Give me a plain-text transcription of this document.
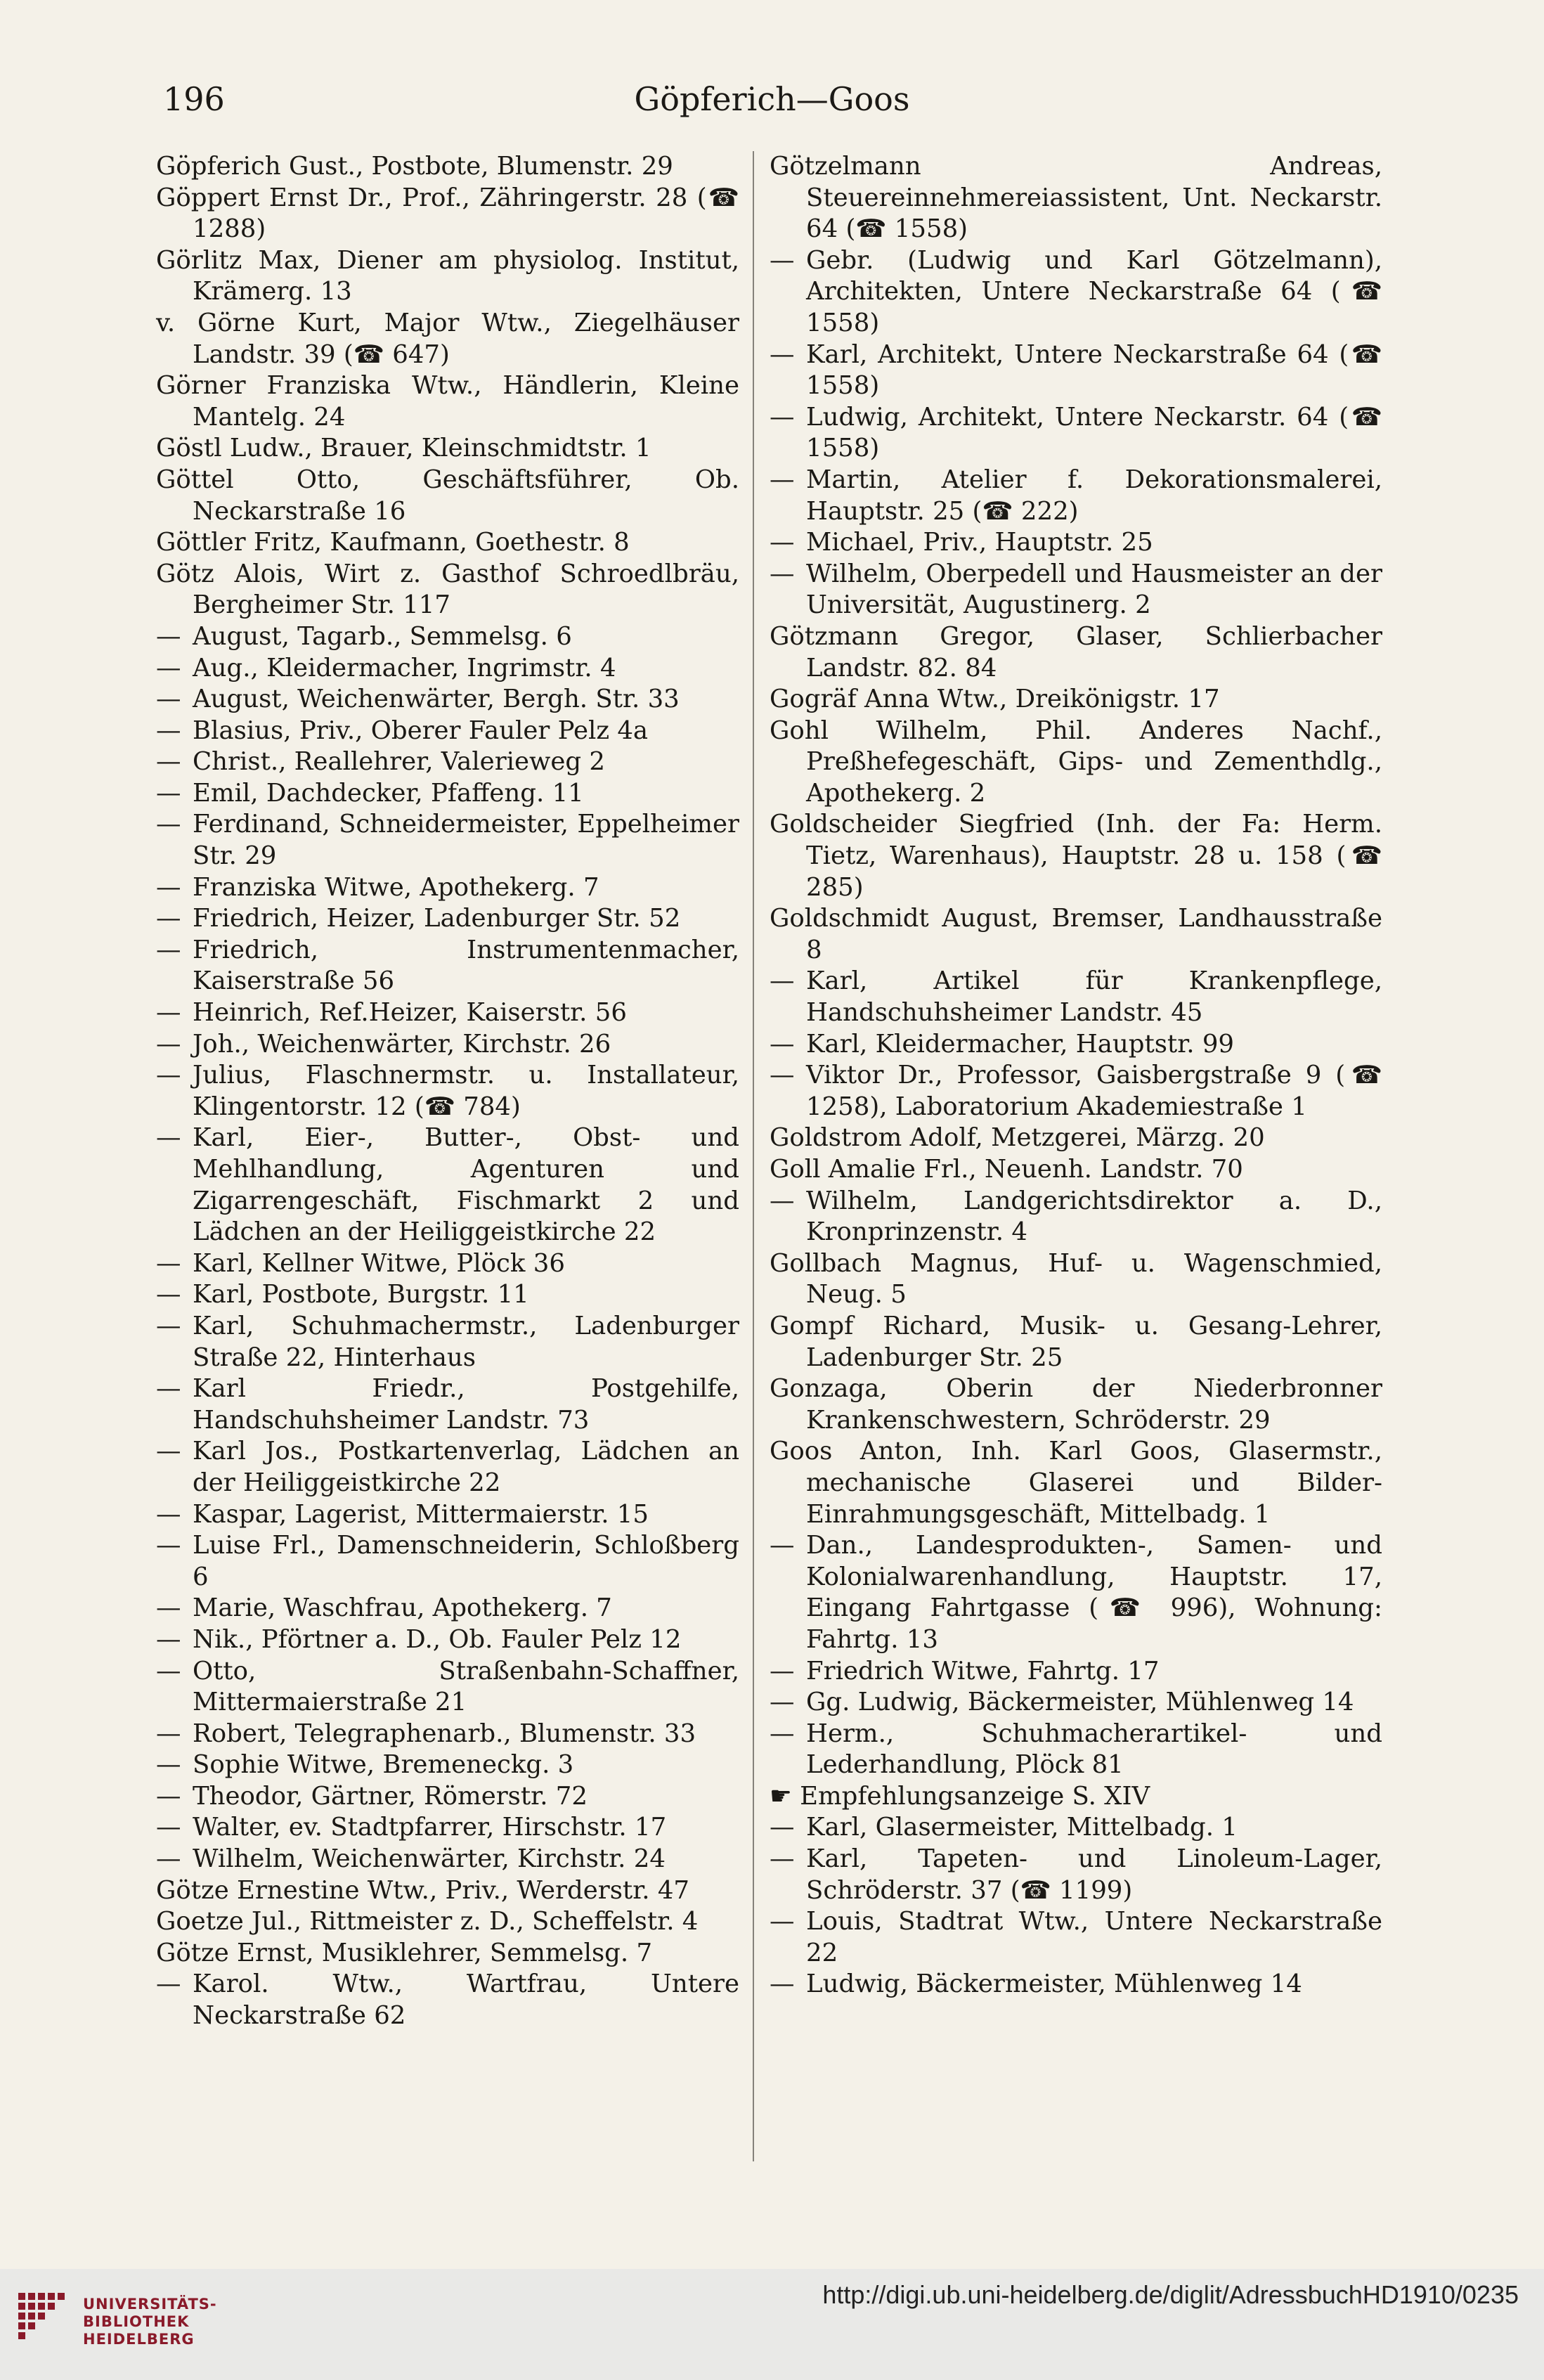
196	Göpferich—Goos
Göpferich Gust., Postbote, Blumenstr. 29
Göppert Ernst Dr., Prof., Zähringerstr. 28 (☎ 1288)
Görlitz Max, Diener am physiolog. Institut, Krämerg. 13
v. Görne Kurt, Major Wtw., Ziegelhäuser Landstr. 39 (☎ 647)
Görner Franziska Wtw., Händlerin, Kleine Mantelg. 24
Göstl Ludw., Brauer, Kleinschmidtstr. 1
Göttel Otto, Geschäftsführer, Ob. Neckarstraße 16
Göttler Fritz, Kaufmann, Goethestr. 8
Götz Alois, Wirt z. Gasthof Schroedlbräu, Bergheimer Str. 117
— August, Tagarb., Semmelsg. 6
— Aug., Kleidermacher, Ingrimstr. 4
— August, Weichenwärter, Bergh. Str. 33
— Blasius, Priv., Oberer Fauler Pelz 4a
— Christ., Reallehrer, Valerieweg 2
— Emil, Dachdecker, Pfaffeng. 11
— Ferdinand, Schneidermeister, Eppelheimer Str. 29
— Franziska Witwe, Apothekerg. 7
— Friedrich, Heizer, Ladenburger Str. 52
— Friedrich, Instrumentenmacher, Kaiserstraße 56
— Heinrich, Ref.Heizer, Kaiserstr. 56
— Joh., Weichenwärter, Kirchstr. 26
— Julius, Flaschnermstr. u. Installateur, Klingentorstr. 12 (☎ 784)
— Karl, Eier-, Butter-, Obst- und Mehlhandlung, Agenturen und Zigarrengeschäft, Fischmarkt 2 und Lädchen an der Heiliggeistkirche 22
— Karl, Kellner Witwe, Plöck 36
— Karl, Postbote, Burgstr. 11
— Karl, Schuhmachermstr., Ladenburger Straße 22, Hinterhaus
— Karl Friedr., Postgehilfe, Handschuhsheimer Landstr. 73
— Karl Jos., Postkartenverlag, Lädchen an der Heiliggeistkirche 22
— Kaspar, Lagerist, Mittermaierstr. 15
— Luise Frl., Damenschneiderin, Schloßberg 6
— Marie, Waschfrau, Apothekerg. 7
— Nik., Pförtner a. D., Ob. Fauler Pelz 12
— Otto, Straßenbahn-Schaffner, Mittermaierstraße 21
— Robert, Telegraphenarb., Blumenstr. 33
— Sophie Witwe, Bremeneckg. 3
— Theodor, Gärtner, Römerstr. 72
— Walter, ev. Stadtpfarrer, Hirschstr. 17
— Wilhelm, Weichenwärter, Kirchstr. 24
Götze Ernestine Wtw., Priv., Werderstr. 47
Goetze Jul., Rittmeister z. D., Scheffelstr. 4
Götze Ernst, Musiklehrer, Semmelsg. 7
— Karol. Wtw., Wartfrau, Untere Neckarstraße 62
Götzelmann Andreas, Steuereinnehmereiassistent, Unt. Neckarstr. 64 (☎ 1558)
— Gebr. (Ludwig und Karl Götzelmann), Architekten, Untere Neckarstraße 64 (☎ 1558)
— Karl, Architekt, Untere Neckarstraße 64 (☎ 1558)
— Ludwig, Architekt, Untere Neckarstr. 64 (☎ 1558)
— Martin, Atelier f. Dekorationsmalerei, Hauptstr. 25 (☎ 222)
— Michael, Priv., Hauptstr. 25
— Wilhelm, Oberpedell und Hausmeister an der Universität, Augustinerg. 2
Götzmann Gregor, Glaser, Schlierbacher Landstr. 82. 84
Gogräf Anna Wtw., Dreikönigstr. 17
Gohl Wilhelm, Phil. Anderes Nachf., Preßhefegeschäft, Gips- und Zementhdlg., Apothekerg. 2
Goldscheider Siegfried (Inh. der Fa: Herm. Tietz, Warenhaus), Hauptstr. 28 u. 158 (☎ 285)
Goldschmidt August, Bremser, Landhausstraße 8
— Karl, Artikel für Krankenpflege, Handschuhsheimer Landstr. 45
— Karl, Kleidermacher, Hauptstr. 99
— Viktor Dr., Professor, Gaisbergstraße 9 (☎ 1258), Laboratorium Akademiestraße 1
Goldstrom Adolf, Metzgerei, Märzg. 20
Goll Amalie Frl., Neuenh. Landstr. 70
— Wilhelm, Landgerichtsdirektor a. D., Kronprinzenstr. 4
Gollbach Magnus, Huf- u. Wagenschmied, Neug. 5
Gompf Richard, Musik- u. Gesang-Lehrer, Ladenburger Str. 25
Gonzaga, Oberin der Niederbronner Krankenschwestern, Schröderstr. 29
Goos Anton, Inh. Karl Goos, Glasermstr., mechanische Glaserei und Bilder-Einrahmungsgeschäft, Mittelbadg. 1
— Dan., Landesprodukten-, Samen- und Kolonialwarenhandlung, Hauptstr. 17, Eingang Fahrtgasse (☎ 996), Wohnung: Fahrtg. 13
— Friedrich Witwe, Fahrtg. 17
— Gg. Ludwig, Bäckermeister, Mühlenweg 14
— Herm., Schuhmacherartikel- und Lederhandlung, Plöck 81
☛ Empfehlungsanzeige S. XIV
— Karl, Glasermeister, Mittelbadg. 1
— Karl, Tapeten- und Linoleum-Lager, Schröderstr. 37 (☎ 1199)
— Louis, Stadtrat Wtw., Untere Neckarstraße 22
— Ludwig, Bäckermeister, Mühlenweg 14
UNIVERSITÄTS-
BIBLIOTHEK
HEIDELBERG
http://digi.ub.uni-heidelberg.de/diglit/AdressbuchHD1910/0235
